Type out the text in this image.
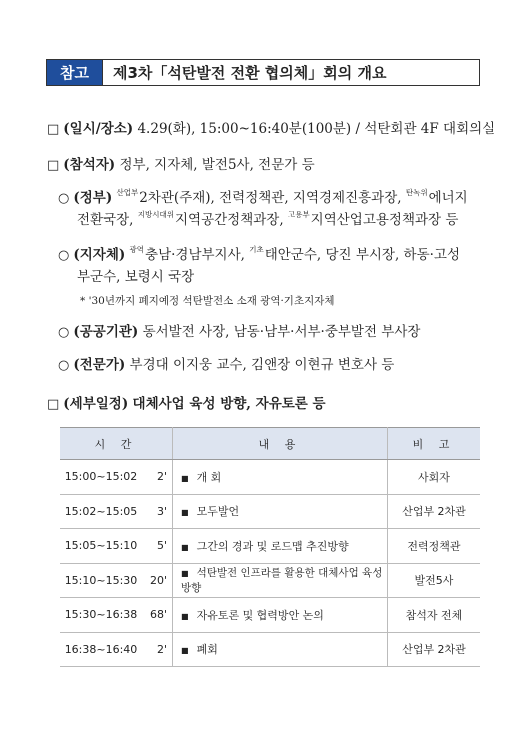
참고	제3차「석탄발전 전환 협의체」회의 개요
□ (일시/장소) 4.29(화), 15:00~16:40분(100분) / 석탄회관 4F 대회의실
□ (참석자) 정부, 지자체, 발전5사, 전문가 등
○ (정부) $^{산업부}$2차관(주재), 전력정책관, 지역경제진흥과장, $^{탄녹위}$에너지
전환국장, $^{지방시대위}$지역공간정책과장, $^{고용부}$지역산업고용정책과장 등
○ (지자체) $^{광역}$충남·경남부지사, $^{기초}$태안군수, 당진 부시장, 하동·고성
부군수, 보령시 국장
* '30년까지 폐지예정 석탄발전소 소재 광역·기초지자체
○ (공공기관) 동서발전 사장, 남동·남부·서부·중부발전 부사장
○ (전문가) 부경대 이지웅 교수, 김앤장 이현규 변호사 등
□ (세부일정) 대체사업 육성 방향, 자유토론 등
시 간		내 용	비 고
15:00~15:02	2'	■ 개 회	사회자
15:02~15:05	3'	■ 모두발언	산업부 2차관
15:05~15:10	5'	■ 그간의 경과 및 로드맵 추진방향	전력정책관
15:10~15:30	20'	■ 석탄발전 인프라를 활용한 대체사업 육성 방향	발전5사
15:30~16:38	68'	■ 자유토론 및 협력방안 논의	참석자 전체
16:38~16:40	2'	■ 폐회	산업부 2차관
